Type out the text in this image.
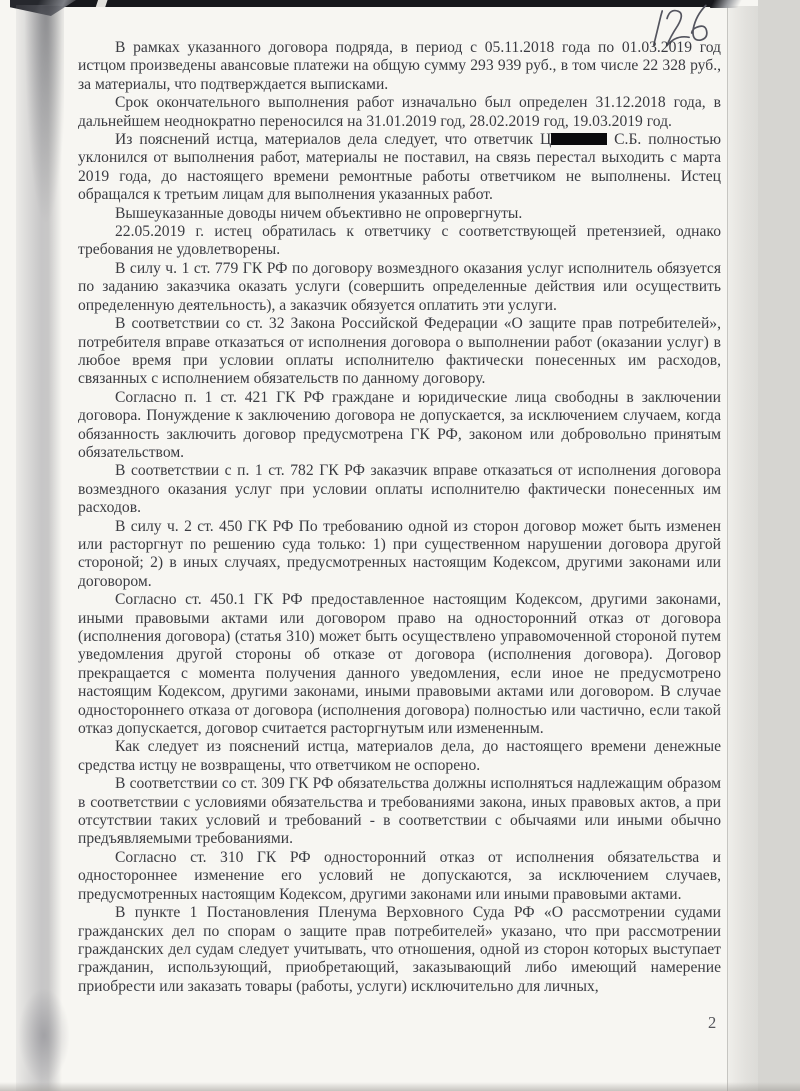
В рамках указанного договора подряда, в период с 05.11.2018 года по 01.03.2019 год истцом произведены авансовые платежи на общую сумму 293 939 руб., в том числе 22 328 руб., за материалы, что подтверждается выписками.

Срок окончательного выполнения работ изначально был определен 31.12.2018 года, в дальнейшем неоднократно переносился на 31.01.2019 год, 28.02.2019 год, 19.03.2019 год.

Из пояснений истца, материалов дела следует, что ответчик Ц	С.Б. полностью уклонился от выполнения работ, материалы не поставил, на связь перестал выходить с марта 2019 года, до настоящего времени ремонтные работы ответчиком не выполнены. Истец обращался к третьим лицам для выполнения указанных работ.

Вышеуказанные доводы ничем объективно не опровергнуты.

22.05.2019 г. истец обратилась к ответчику с соответствующей претензией, однако требования не удовлетворены.

В силу ч. 1 ст. 779 ГК РФ по договору возмездного оказания услуг исполнитель обязуется по заданию заказчика оказать услуги (совершить определенные действия или осуществить определенную деятельность), а заказчик обязуется оплатить эти услуги.

В соответствии со ст. 32 Закона Российской Федерации «О защите прав потребителей», потребителя вправе отказаться от исполнения договора о выполнении работ (оказании услуг) в любое время при условии оплаты исполнителю фактически понесенных им расходов, связанных с исполнением обязательств по данному договору.

Согласно п. 1 ст. 421 ГК РФ граждане и юридические лица свободны в заключении договора. Понуждение к заключению договора не допускается, за исключением случаем, когда обязанность заключить договор предусмотрена ГК РФ, законом или добровольно принятым обязательством.

В соответствии с п. 1 ст. 782 ГК РФ заказчик вправе отказаться от исполнения договора возмездного оказания услуг при условии оплаты исполнителю фактически понесенных им расходов.

В силу ч. 2 ст. 450 ГК РФ По требованию одной из сторон договор может быть изменен или расторгнут по решению суда только: 1) при существенном нарушении договора другой стороной; 2) в иных случаях, предусмотренных настоящим Кодексом, другими законами или договором.

Согласно ст. 450.1 ГК РФ предоставленное настоящим Кодексом, другими законами, иными правовыми актами или договором право на односторонний отказ от договора (исполнения договора) (статья 310) может быть осуществлено управомоченной стороной путем уведомления другой стороны об отказе от договора (исполнения договора). Договор прекращается с момента получения данного уведомления, если иное не предусмотрено настоящим Кодексом, другими законами, иными правовыми актами или договором. В случае одностороннего отказа от договора (исполнения договора) полностью или частично, если такой отказ допускается, договор считается расторгнутым или измененным.

Как следует из пояснений истца, материалов дела, до настоящего времени денежные средства истцу не возвращены, что ответчиком не оспорено.

В соответствии со ст. 309 ГК РФ обязательства должны исполняться надлежащим образом в соответствии с условиями обязательства и требованиями закона, иных правовых актов, а при отсутствии таких условий и требований - в соответствии с обычаями или иными обычно предъявляемыми требованиями.

Согласно ст. 310 ГК РФ односторонний отказ от исполнения обязательства и одностороннее изменение его условий не допускаются, за исключением случаев, предусмотренных настоящим Кодексом, другими законами или иными правовыми актами.

В пункте 1 Постановления Пленума Верховного Суда РФ «О рассмотрении судами гражданских дел по спорам о защите прав потребителей» указано, что при рассмотрении гражданских дел судам следует учитывать, что отношения, одной из сторон которых выступает гражданин, использующий, приобретающий, заказывающий либо имеющий намерение приобрести или заказать товары (работы, услуги) исключительно для личных,

2
